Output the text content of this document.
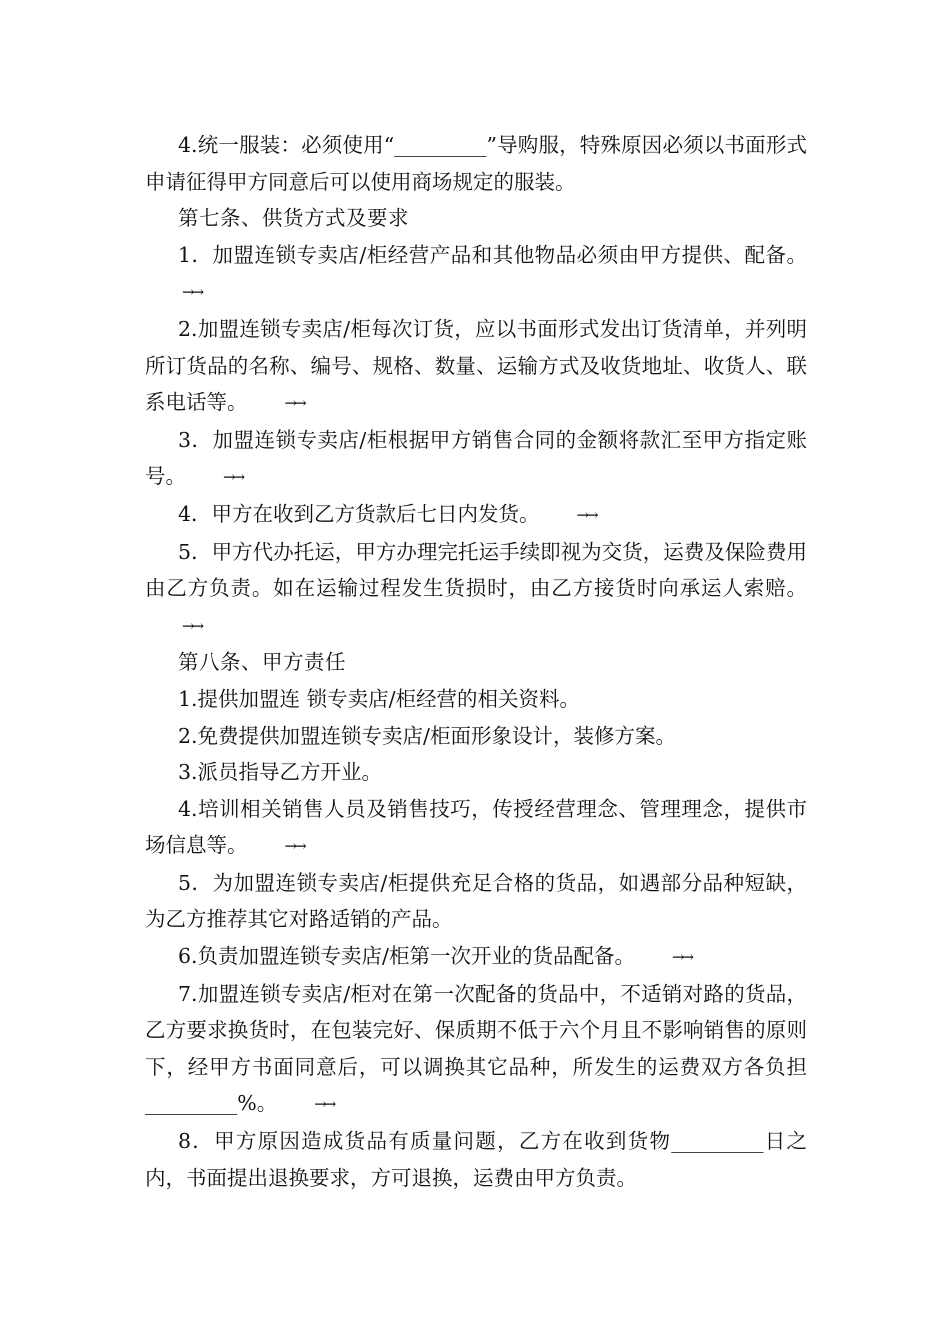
4.统一服装：必须使用“_________”导购服，特殊原因必须以书面形式申请征得甲方同意后可以使用商场规定的服装。

第七条、供货方式及要求

1．加盟连锁专卖店/柜经营产品和其他物品必须由甲方提供、配备。→→

2.加盟连锁专卖店/柜每次订货，应以书面形式发出订货清单，并列明所订货品的名称、编号、规格、数量、运输方式及收货地址、收货人、联系电话等。 →→

3．加盟连锁专卖店/柜根据甲方销售合同的金额将款汇至甲方指定账号。 →→

4．甲方在收到乙方货款后七日内发货。 →→

5．甲方代办托运，甲方办理完托运手续即视为交货，运费及保险费用由乙方负责。如在运输过程发生货损时，由乙方接货时向承运人索赔。→→

第八条、甲方责任

1.提供加盟连 锁专卖店/柜经营的相关资料。

2.免费提供加盟连锁专卖店/柜面形象设计，装修方案。

3.派员指导乙方开业。

4.培训相关销售人员及销售技巧，传授经营理念、管理理念，提供市场信息等。 →→

5．为加盟连锁专卖店/柜提供充足合格的货品，如遇部分品种短缺，为乙方推荐其它对路适销的产品。

6.负责加盟连锁专卖店/柜第一次开业的货品配备。 →→

7.加盟连锁专卖店/柜对在第一次配备的货品中，不适销对路的货品，乙方要求换货时，在包装完好、保质期不低于六个月且不影响销售的原则下，经甲方书面同意后，可以调换其它品种，所发生的运费双方各负担_________%。 →→

8．甲方原因造成货品有质量问题，乙方在收到货物_________日之内，书面提出退换要求，方可退换，运费由甲方负责。
